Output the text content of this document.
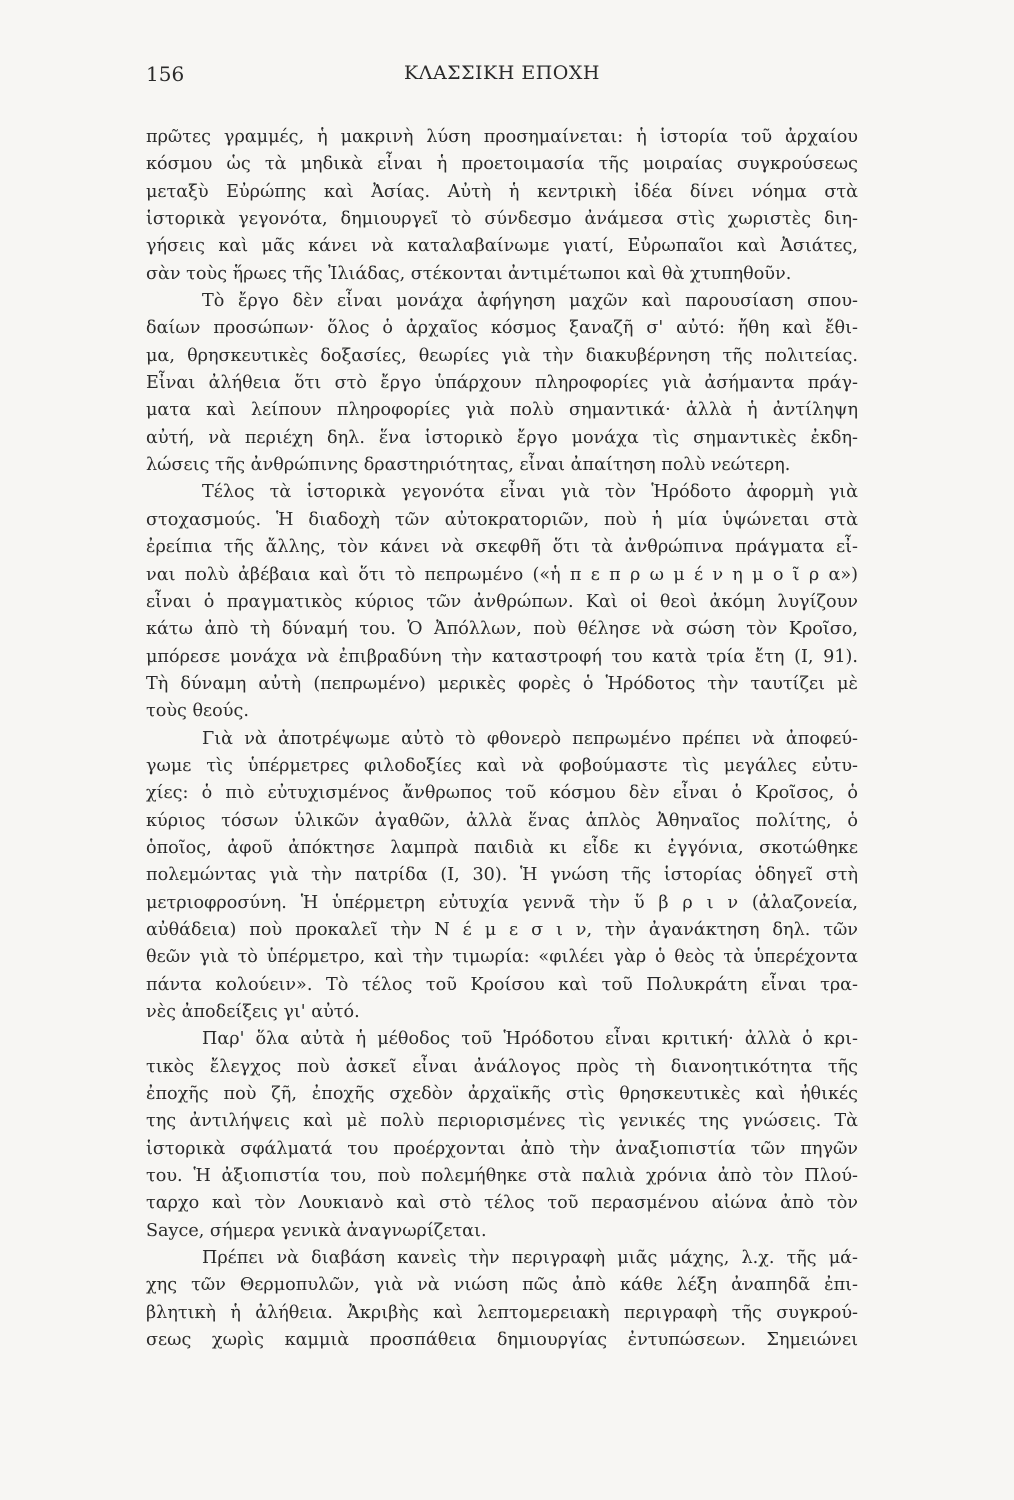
156	ΚΛΑΣΣΙΚΗ ΕΠΟΧΗ
πρῶτες γραμμές, ἡ μακρινὴ λύση προσημαίνεται: ἡ ἱστορία τοῦ ἀρχαίου
κόσμου ὡς τὰ μηδικὰ εἶναι ἡ προετοιμασία τῆς μοιραίας συγκρούσεως
μεταξὺ Εὐρώπης καὶ Ἀσίας. Αὐτὴ ἡ κεντρικὴ ἰδέα δίνει νόημα στὰ
ἱστορικὰ γεγονότα, δημιουργεῖ τὸ σύνδεσμο ἀνάμεσα στὶς χωριστὲς διη-
γήσεις καὶ μᾶς κάνει νὰ καταλαβαίνωμε γιατί, Εὐρωπαῖοι καὶ Ἀσιάτες,
σὰν τοὺς ἥρωες τῆς Ἰλιάδας, στέκονται ἀντιμέτωποι καὶ θὰ χτυπηθοῦν.
Τὸ ἔργο δὲν εἶναι μονάχα ἀφήγηση μαχῶν καὶ παρουσίαση σπου-
δαίων προσώπων· ὅλος ὁ ἀρχαῖος κόσμος ξαναζῆ σ' αὐτό: ἤθη καὶ ἔθι-
μα, θρησκευτικὲς δοξασίες, θεωρίες γιὰ τὴν διακυβέρνηση τῆς πολιτείας.
Εἶναι ἀλήθεια ὅτι στὸ ἔργο ὑπάρχουν πληροφορίες γιὰ ἀσήμαντα πράγ-
ματα καὶ λείπουν πληροφορίες γιὰ πολὺ σημαντικά· ἀλλὰ ἡ ἀντίληψη
αὐτή, νὰ περιέχη δηλ. ἕνα ἱστορικὸ ἔργο μονάχα τὶς σημαντικὲς ἐκδη-
λώσεις τῆς ἀνθρώπινης δραστηριότητας, εἶναι ἀπαίτηση πολὺ νεώτερη.
Τέλος τὰ ἱστορικὰ γεγονότα εἶναι γιὰ τὸν Ἡρόδοτο ἀφορμὴ γιὰ
στοχασμούς. Ἡ διαδοχὴ τῶν αὐτοκρατοριῶν, ποὺ ἡ μία ὑψώνεται στὰ
ἐρείπια τῆς ἄλλης, τὸν κάνει νὰ σκεφθῆ ὅτι τὰ ἀνθρώπινα πράγματα εἶ-
ναι πολὺ ἀβέβαια καὶ ὅτι τὸ πεπρωμένο («ἡ π ε π ρ ω μ έ ν η μ ο ῖ ρ α»)
εἶναι ὁ πραγματικὸς κύριος τῶν ἀνθρώπων. Καὶ οἱ θεοὶ ἀκόμη λυγίζουν
κάτω ἀπὸ τὴ δύναμή του. Ὁ Ἀπόλλων, ποὺ θέλησε νὰ σώση τὸν Κροῖσο,
μπόρεσε μονάχα νὰ ἐπιβραδύνη τὴν καταστροφή του κατὰ τρία ἔτη (I, 91).
Τὴ δύναμη αὐτὴ (πεπρωμένο) μερικὲς φορὲς ὁ Ἡρόδοτος τὴν ταυτίζει μὲ
τοὺς θεούς.
Γιὰ νὰ ἀποτρέψωμε αὐτὸ τὸ φθονερὸ πεπρωμένο πρέπει νὰ ἀποφεύ-
γωμε τὶς ὑπέρμετρες φιλοδοξίες καὶ νὰ φοβούμαστε τὶς μεγάλες εὐτυ-
χίες: ὁ πιὸ εὐτυχισμένος ἄνθρωπος τοῦ κόσμου δὲν εἶναι ὁ Κροῖσος, ὁ
κύριος τόσων ὑλικῶν ἀγαθῶν, ἀλλὰ ἕνας ἁπλὸς Ἀθηναῖος πολίτης, ὁ
ὁποῖος, ἀφοῦ ἀπόκτησε λαμπρὰ παιδιὰ κι εἶδε κι ἐγγόνια, σκοτώθηκε
πολεμώντας γιὰ τὴν πατρίδα (I, 30). Ἡ γνώση τῆς ἱστορίας ὁδηγεῖ στὴ
μετριοφροσύνη. Ἡ ὑπέρμετρη εὐτυχία γεννᾶ τὴν ὕ β ρ ι ν (ἀλαζονεία,
αὐθάδεια) ποὺ προκαλεῖ τὴν Ν έ μ ε σ ι ν, τὴν ἀγανάκτηση δηλ. τῶν
θεῶν γιὰ τὸ ὑπέρμετρο, καὶ τὴν τιμωρία: «φιλέει γὰρ ὁ θεὸς τὰ ὑπερέχοντα
πάντα κολούειν». Τὸ τέλος τοῦ Κροίσου καὶ τοῦ Πολυκράτη εἶναι τρα-
νὲς ἀποδείξεις γι' αὐτό.
Παρ' ὅλα αὐτὰ ἡ μέθοδος τοῦ Ἡρόδοτου εἶναι κριτική· ἀλλὰ ὁ κρι-
τικὸς ἔλεγχος ποὺ ἀσκεῖ εἶναι ἀνάλογος πρὸς τὴ διανοητικότητα τῆς
ἐποχῆς ποὺ ζῆ, ἐποχῆς σχεδὸν ἀρχαϊκῆς στὶς θρησκευτικὲς καὶ ἠθικές
της ἀντιλήψεις καὶ μὲ πολὺ περιορισμένες τὶς γενικές της γνώσεις. Τὰ
ἱστορικὰ σφάλματά του προέρχονται ἀπὸ τὴν ἀναξιοπιστία τῶν πηγῶν
του. Ἡ ἀξιοπιστία του, ποὺ πολεμήθηκε στὰ παλιὰ χρόνια ἀπὸ τὸν Πλού-
ταρχο καὶ τὸν Λουκιανὸ καὶ στὸ τέλος τοῦ περασμένου αἰώνα ἀπὸ τὸν
Sayce, σήμερα γενικὰ ἀναγνωρίζεται.
Πρέπει νὰ διαβάση κανεὶς τὴν περιγραφὴ μιᾶς μάχης, λ.χ. τῆς μά-
χης τῶν Θερμοπυλῶν, γιὰ νὰ νιώση πῶς ἀπὸ κάθε λέξη ἀναπηδᾶ ἐπι-
βλητικὴ ἡ ἀλήθεια. Ἀκριβὴς καὶ λεπτομερειακὴ περιγραφὴ τῆς συγκρού-
σεως χωρὶς καμμιὰ προσπάθεια δημιουργίας ἐντυπώσεων. Σημειώνει
